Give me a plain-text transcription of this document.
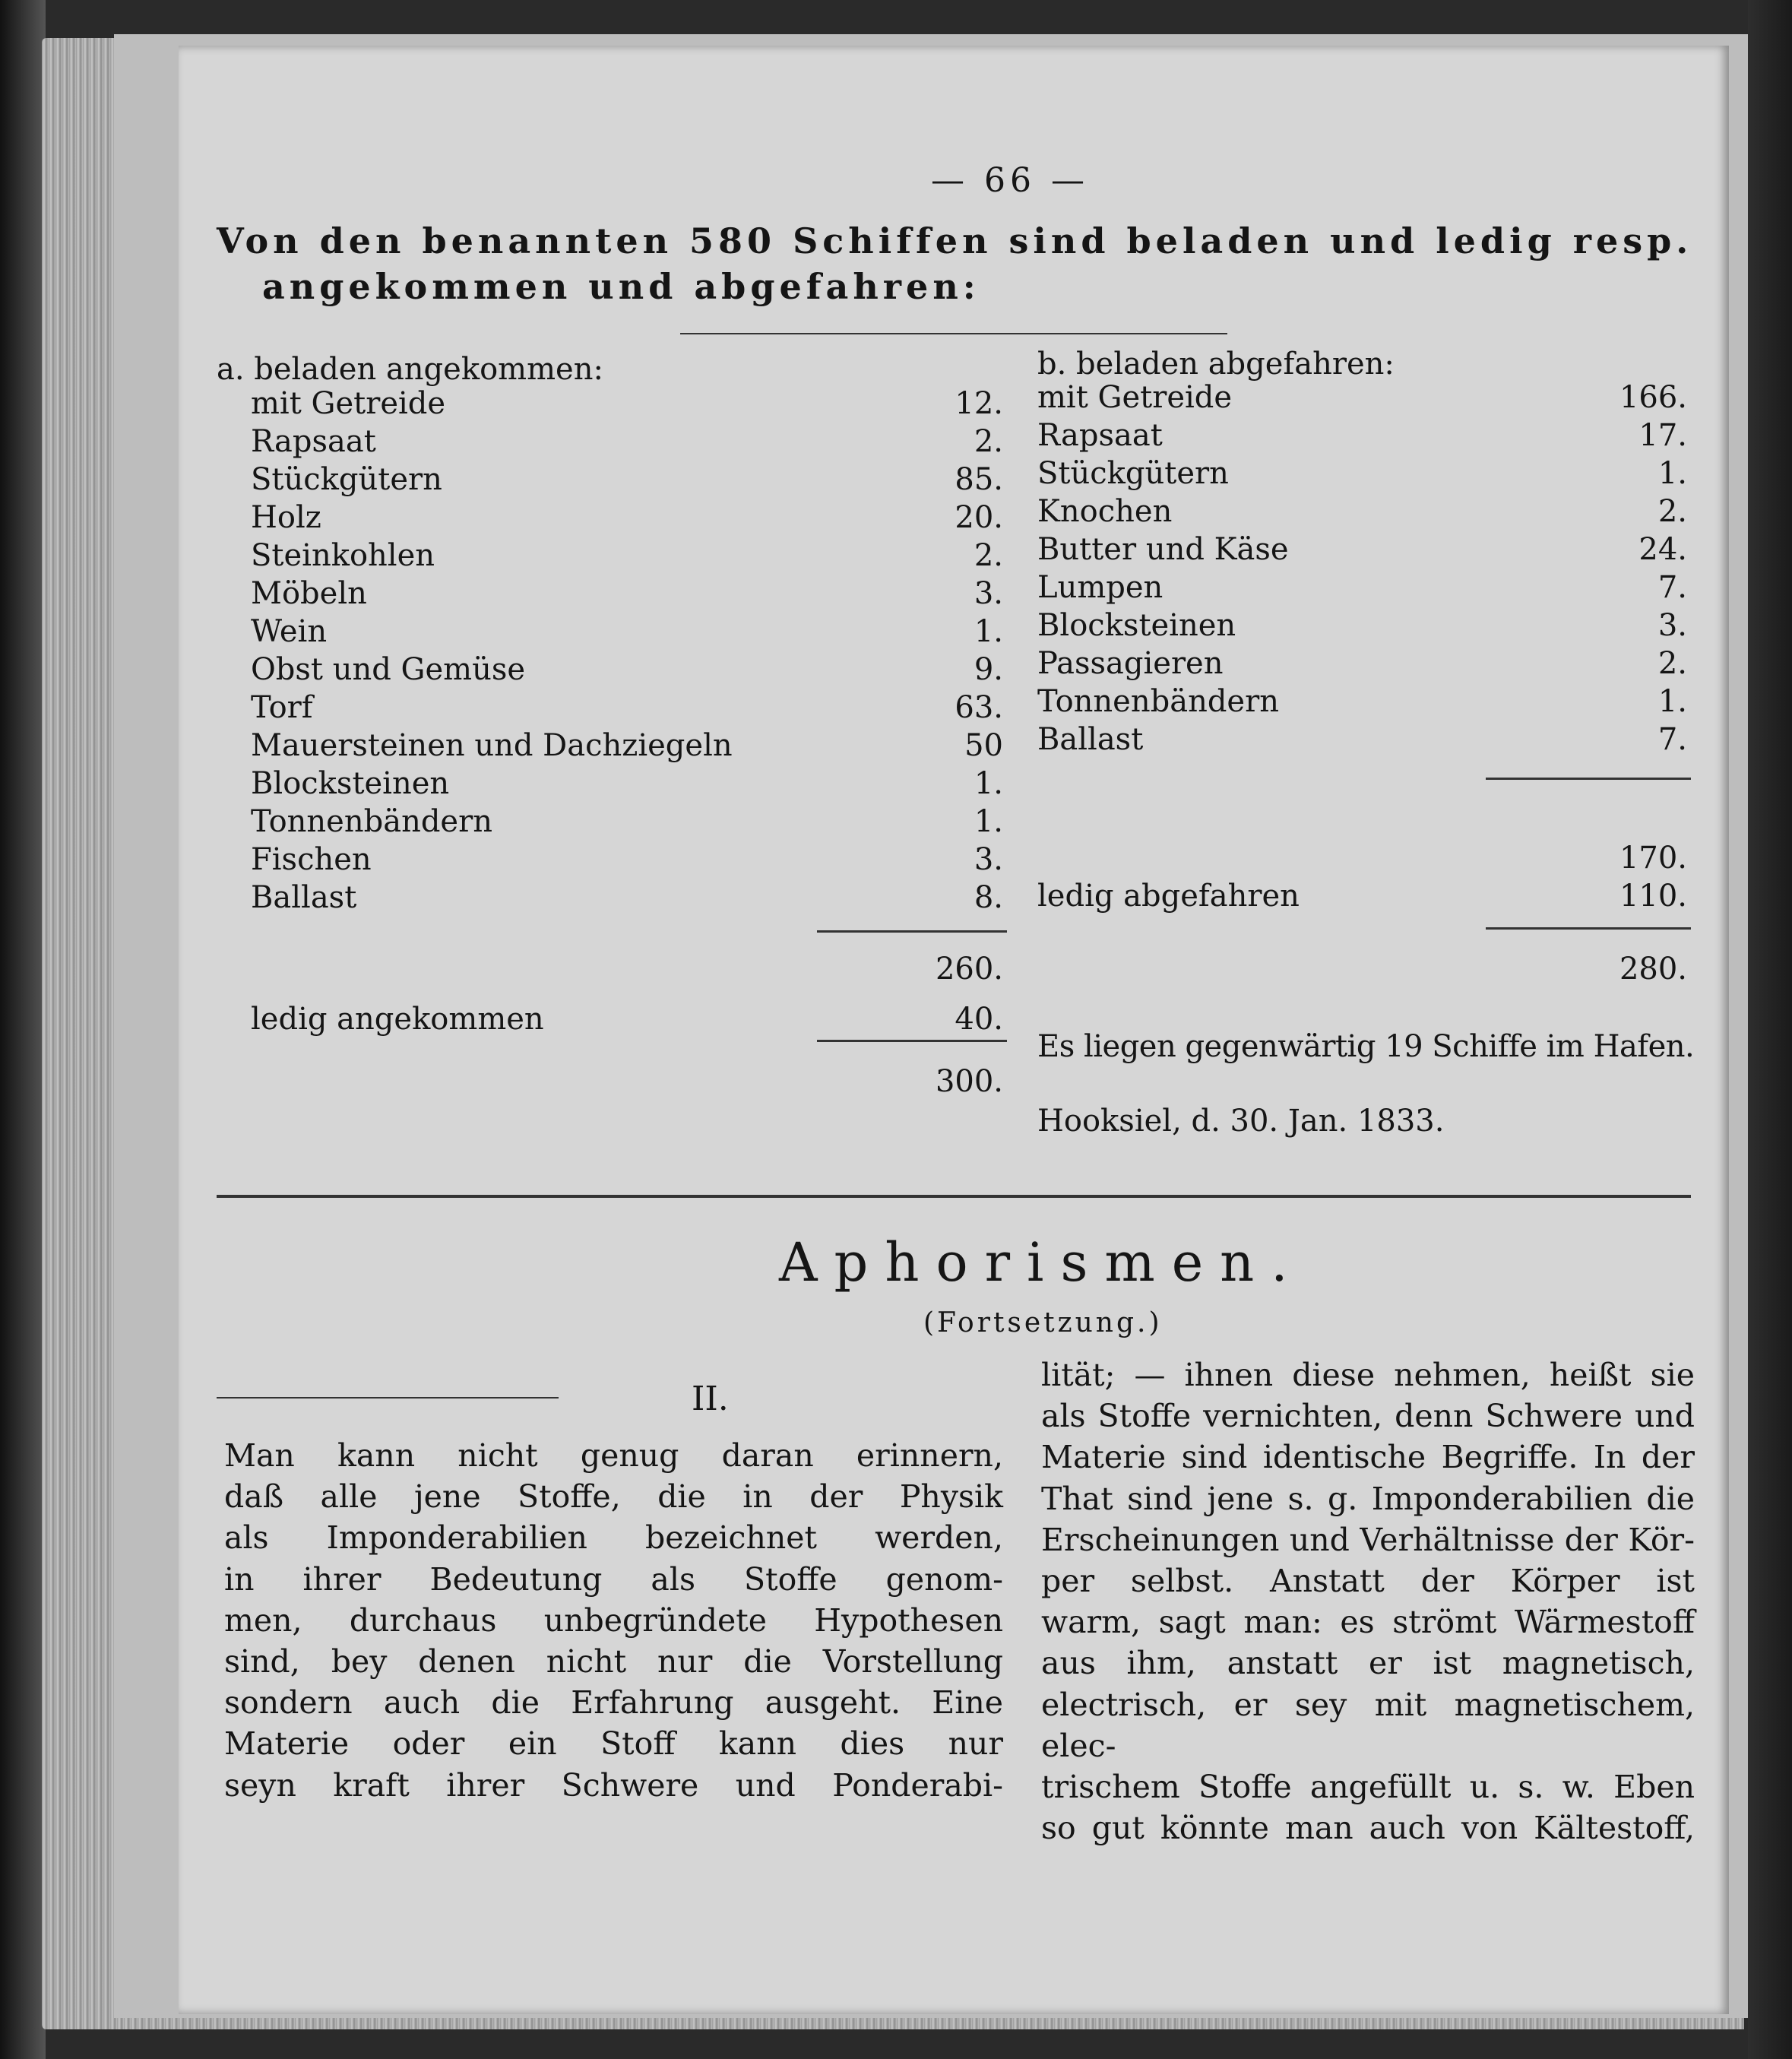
— 66 —
Von den benannten 580 Schiffen sind beladen und ledig resp.
angekommen und abgefahren:
a. beladen angekommen:	b. beladen abgefahren:
mit Getreide	12.
Rapsaat	2.
Stückgütern	85.
Holz	20.
Steinkohlen	2.
Möbeln	3.
Wein	1.
Obst und Gemüse	9.
Torf	63.
Mauersteinen und Dachziegeln	50
Blocksteinen	1.
Tonnenbändern	1.
Fischen	3.
Ballast	8.
260.
ledig angekommen	40.
300.
mit Getreide	166.
Rapsaat	17.
Stückgütern	1.
Knochen	2.
Butter und Käse	24.
Lumpen	7.
Blocksteinen	3.
Passagieren	2.
Tonnenbändern	1.
Ballast	7.
170.
ledig abgefahren	110.
280.
Es liegen gegenwärtig 19 Schiffe im Hafen.
Hooksiel, d. 30. Jan. 1833.
Aphorismen.
(Fortsetzung.)
II.
Man kann nicht genug daran erinnern,
daß alle jene Stoffe, die in der Physik
als Imponderabilien bezeichnet werden,
in ihrer Bedeutung als Stoffe genom-
men, durchaus unbegründete Hypothesen
sind, bey denen nicht nur die Vorstellung
sondern auch die Erfahrung ausgeht. Eine
Materie oder ein Stoff kann dies nur
seyn kraft ihrer Schwere und Ponderabi-
lität; — ihnen diese nehmen, heißt sie
als Stoffe vernichten, denn Schwere und
Materie sind identische Begriffe. In der
That sind jene s. g. Imponderabilien die
Erscheinungen und Verhältnisse der Kör-
per selbst. Anstatt der Körper ist
warm, sagt man: es strömt Wärmestoff
aus ihm, anstatt er ist magnetisch,
electrisch, er sey mit magnetischem, elec-
trischem Stoffe angefüllt u. s. w. Eben
so gut könnte man auch von Kältestoff,
